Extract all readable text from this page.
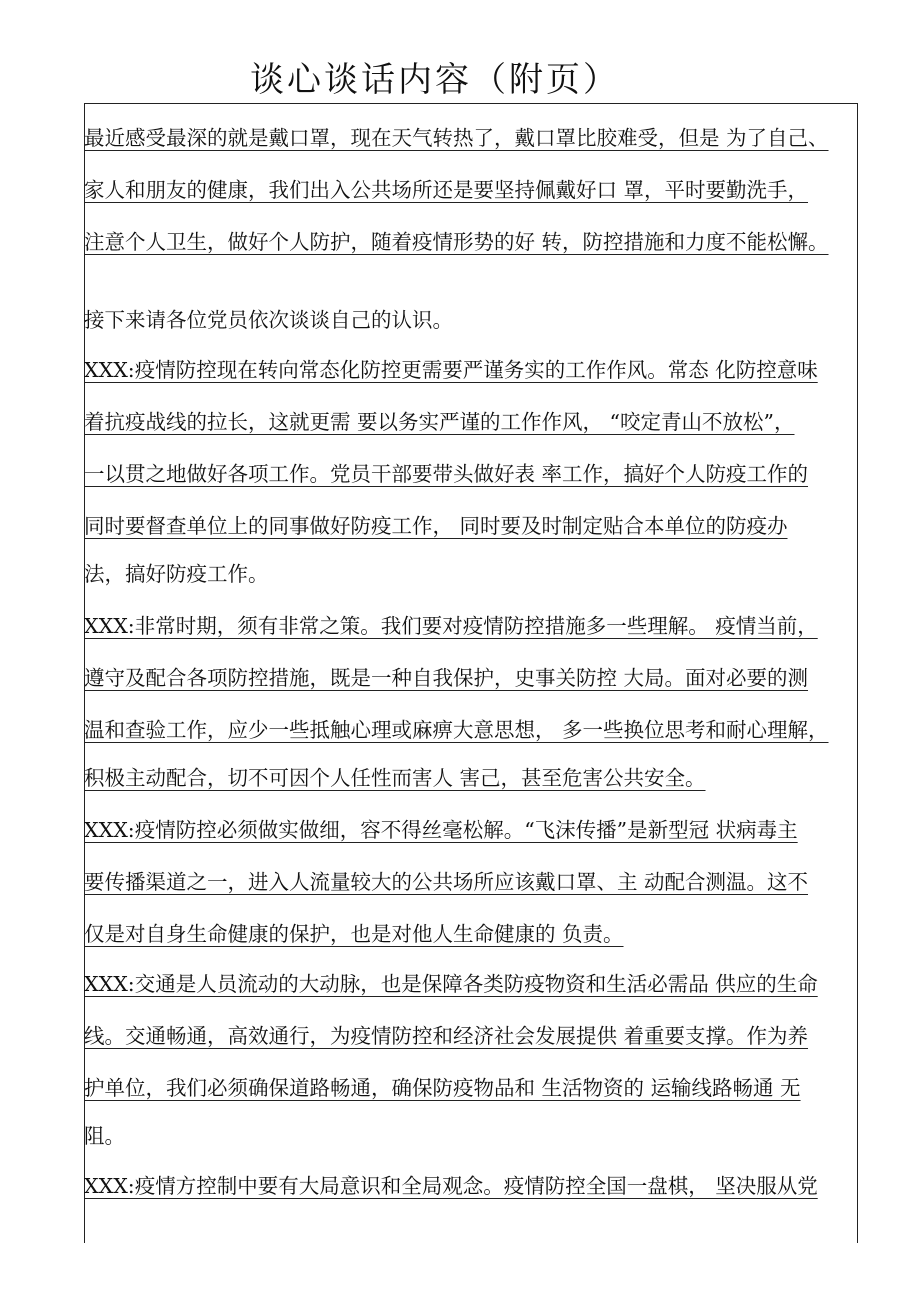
谈心谈话内容（附页）
最近感受最深的就是戴口罩，现在天气转热了，戴口罩比胶难受，但是 为了自己、
家人和朋友的健康，我们出入公共场所还是要坚持佩戴好口 罩，平时要勤洗手，
注意个人卫生，做好个人防护，随着疫情形势的好 转，防控措施和力度不能松懈。
接下来请各位党员依次谈谈自己的认识。
XXX:疫情防控现在转向常态化防控更需要严谨务实的工作作风。常态 化防控意味
着抗疫战线的拉长，这就更需 要以务实严谨的工作作风， “咬定青山不放松”，
一以贯之地做好各项工作。党员干部要带头做好表 率工作，搞好个人防疫工作的
同时要督查单位上的同事做好防疫工作， 同时要及时制定贴合本单位的防疫办
法，搞好防疫工作。
XXX:非常时期，须有非常之策。我们要对疫情防控措施多一些理解。 疫情当前，
遵守及配合各项防控措施，既是一种自我保护，史事关防控 大局。面对必要的测
温和查验工作，应少一些抵触心理或麻痹大意思想， 多一些换位思考和耐心理解，
积极主动配合，切不可因个人任性而害人 害己，甚至危害公共安全。
XXX:疫情防控必须做实做细，容不得丝毫松解。“飞沫传播”是新型冠 状病毒主
要传播渠道之一，进入人流量较大的公共场所应该戴口罩、主 动配合测温。这不
仅是对自身生命健康的保护，也是对他人生命健康的 负责。
XXX:交通是人员流动的大动脉，也是保障各类防疫物资和生活必需品 供应的生命
线。交通畅通，高效通行，为疫情防控和经济社会发展提供 着重要支撑。作为养
护单位，我们必须确保道路畅通，确保防疫物品和 生活物资的 运输线路畅通 无
阻。
XXX:疫情方控制中要有大局意识和全局观念。疫情防控全国一盘棋， 坚决服从党
